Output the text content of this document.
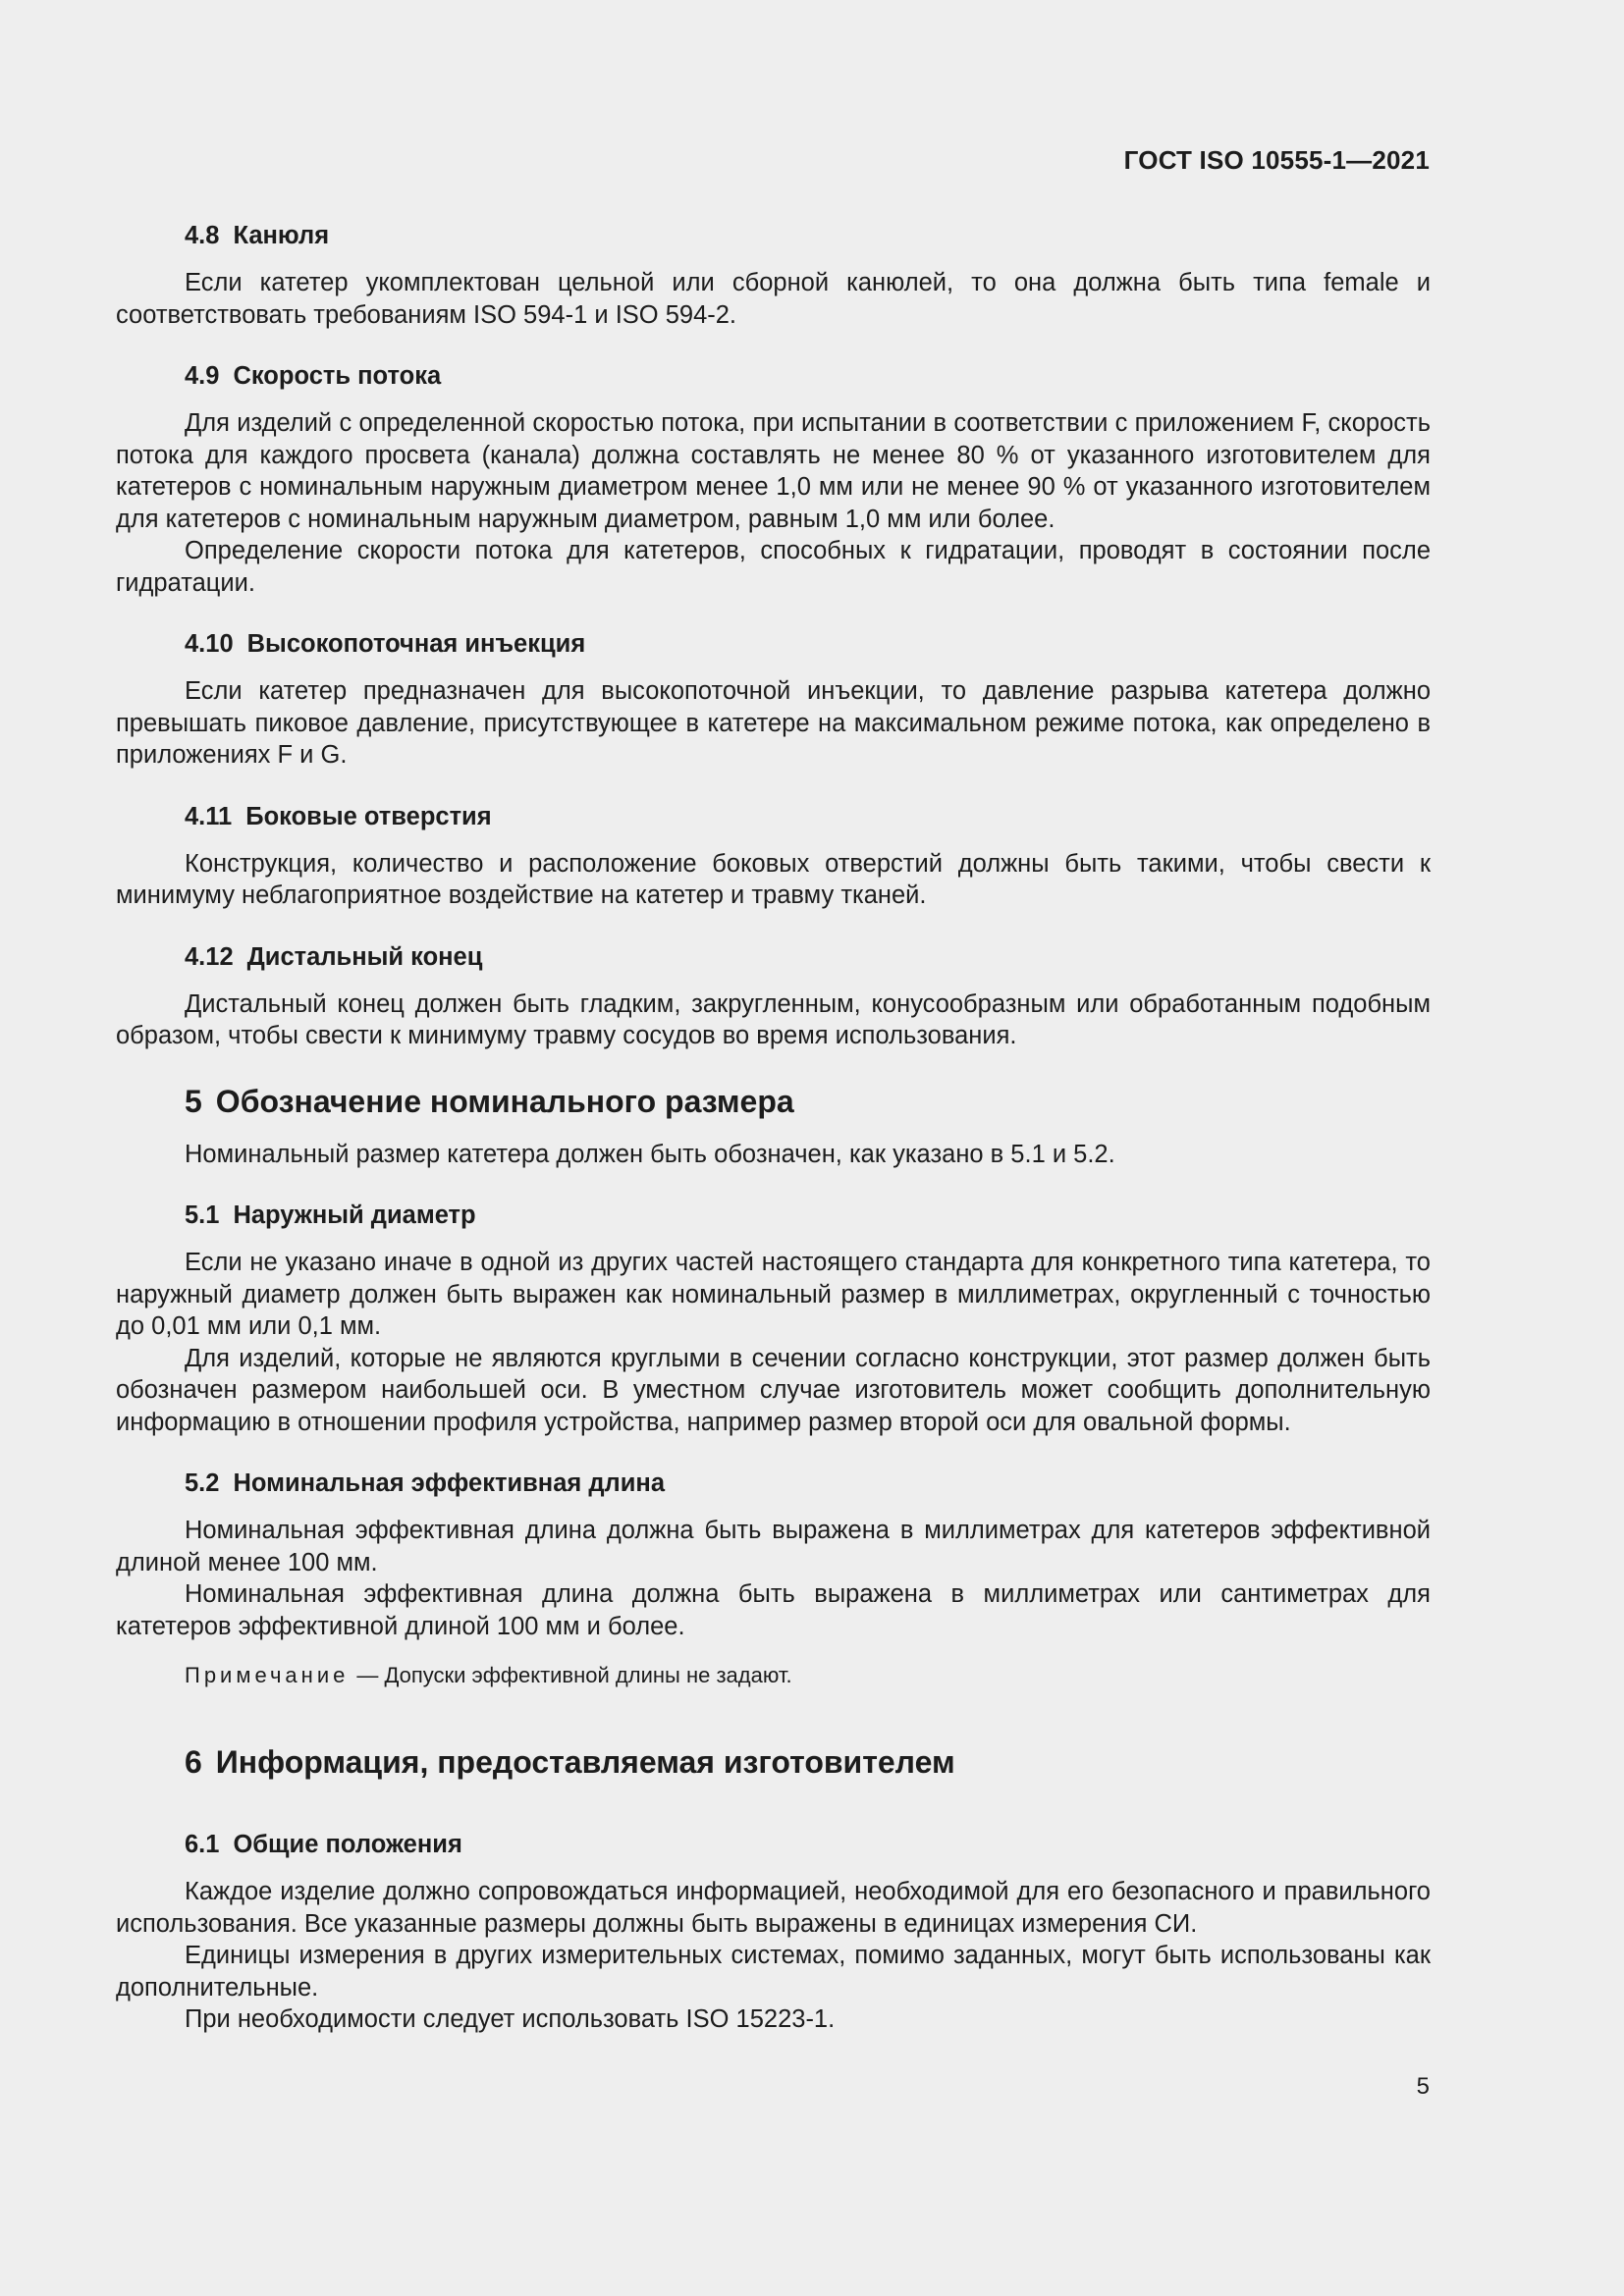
ГОСТ ISO 10555-1—2021
4.8 Канюля

Если катетер укомплектован цельной или сборной канюлей, то она должна быть типа female и соответствовать требованиям ISO 594-1 и ISO 594-2.

4.9 Скорость потока

Для изделий с определенной скоростью потока, при испытании в соответствии с приложением F, скорость потока для каждого просвета (канала) должна составлять не менее 80 % от указанного изготовителем для катетеров с номинальным наружным диаметром менее 1,0 мм или не менее 90 % от указанного изготовителем для катетеров с номинальным наружным диаметром, равным 1,0 мм или более.

Определение скорости потока для катетеров, способных к гидратации, проводят в состоянии после гидратации.

4.10 Высокопоточная инъекция

Если катетер предназначен для высокопоточной инъекции, то давление разрыва катетера должно превышать пиковое давление, присутствующее в катетере на максимальном режиме потока, как определено в приложениях F и G.

4.11 Боковые отверстия

Конструкция, количество и расположение боковых отверстий должны быть такими, чтобы свести к минимуму неблагоприятное воздействие на катетер и травму тканей.

4.12 Дистальный конец

Дистальный конец должен быть гладким, закругленным, конусообразным или обработанным подобным образом, чтобы свести к минимуму травму сосудов во время использования.

5 Обозначение номинального размера

Номинальный размер катетера должен быть обозначен, как указано в 5.1 и 5.2.

5.1 Наружный диаметр

Если не указано иначе в одной из других частей настоящего стандарта для конкретного типа катетера, то наружный диаметр должен быть выражен как номинальный размер в миллиметрах, округленный с точностью до 0,01 мм или 0,1 мм.

Для изделий, которые не являются круглыми в сечении согласно конструкции, этот размер должен быть обозначен размером наибольшей оси. В уместном случае изготовитель может сообщить дополнительную информацию в отношении профиля устройства, например размер второй оси для овальной формы.

5.2 Номинальная эффективная длина

Номинальная эффективная длина должна быть выражена в миллиметрах для катетеров эффективной длиной менее 100 мм.

Номинальная эффективная длина должна быть выражена в миллиметрах или сантиметрах для катетеров эффективной длиной 100 мм и более.

Примечание — Допуски эффективной длины не задают.

6 Информация, предоставляемая изготовителем
6.1 Общие положения

Каждое изделие должно сопровождаться информацией, необходимой для его безопасного и правильного использования. Все указанные размеры должны быть выражены в единицах измерения СИ.

Единицы измерения в других измерительных системах, помимо заданных, могут быть использованы как дополнительные.

При необходимости следует использовать ISO 15223-1.

5
